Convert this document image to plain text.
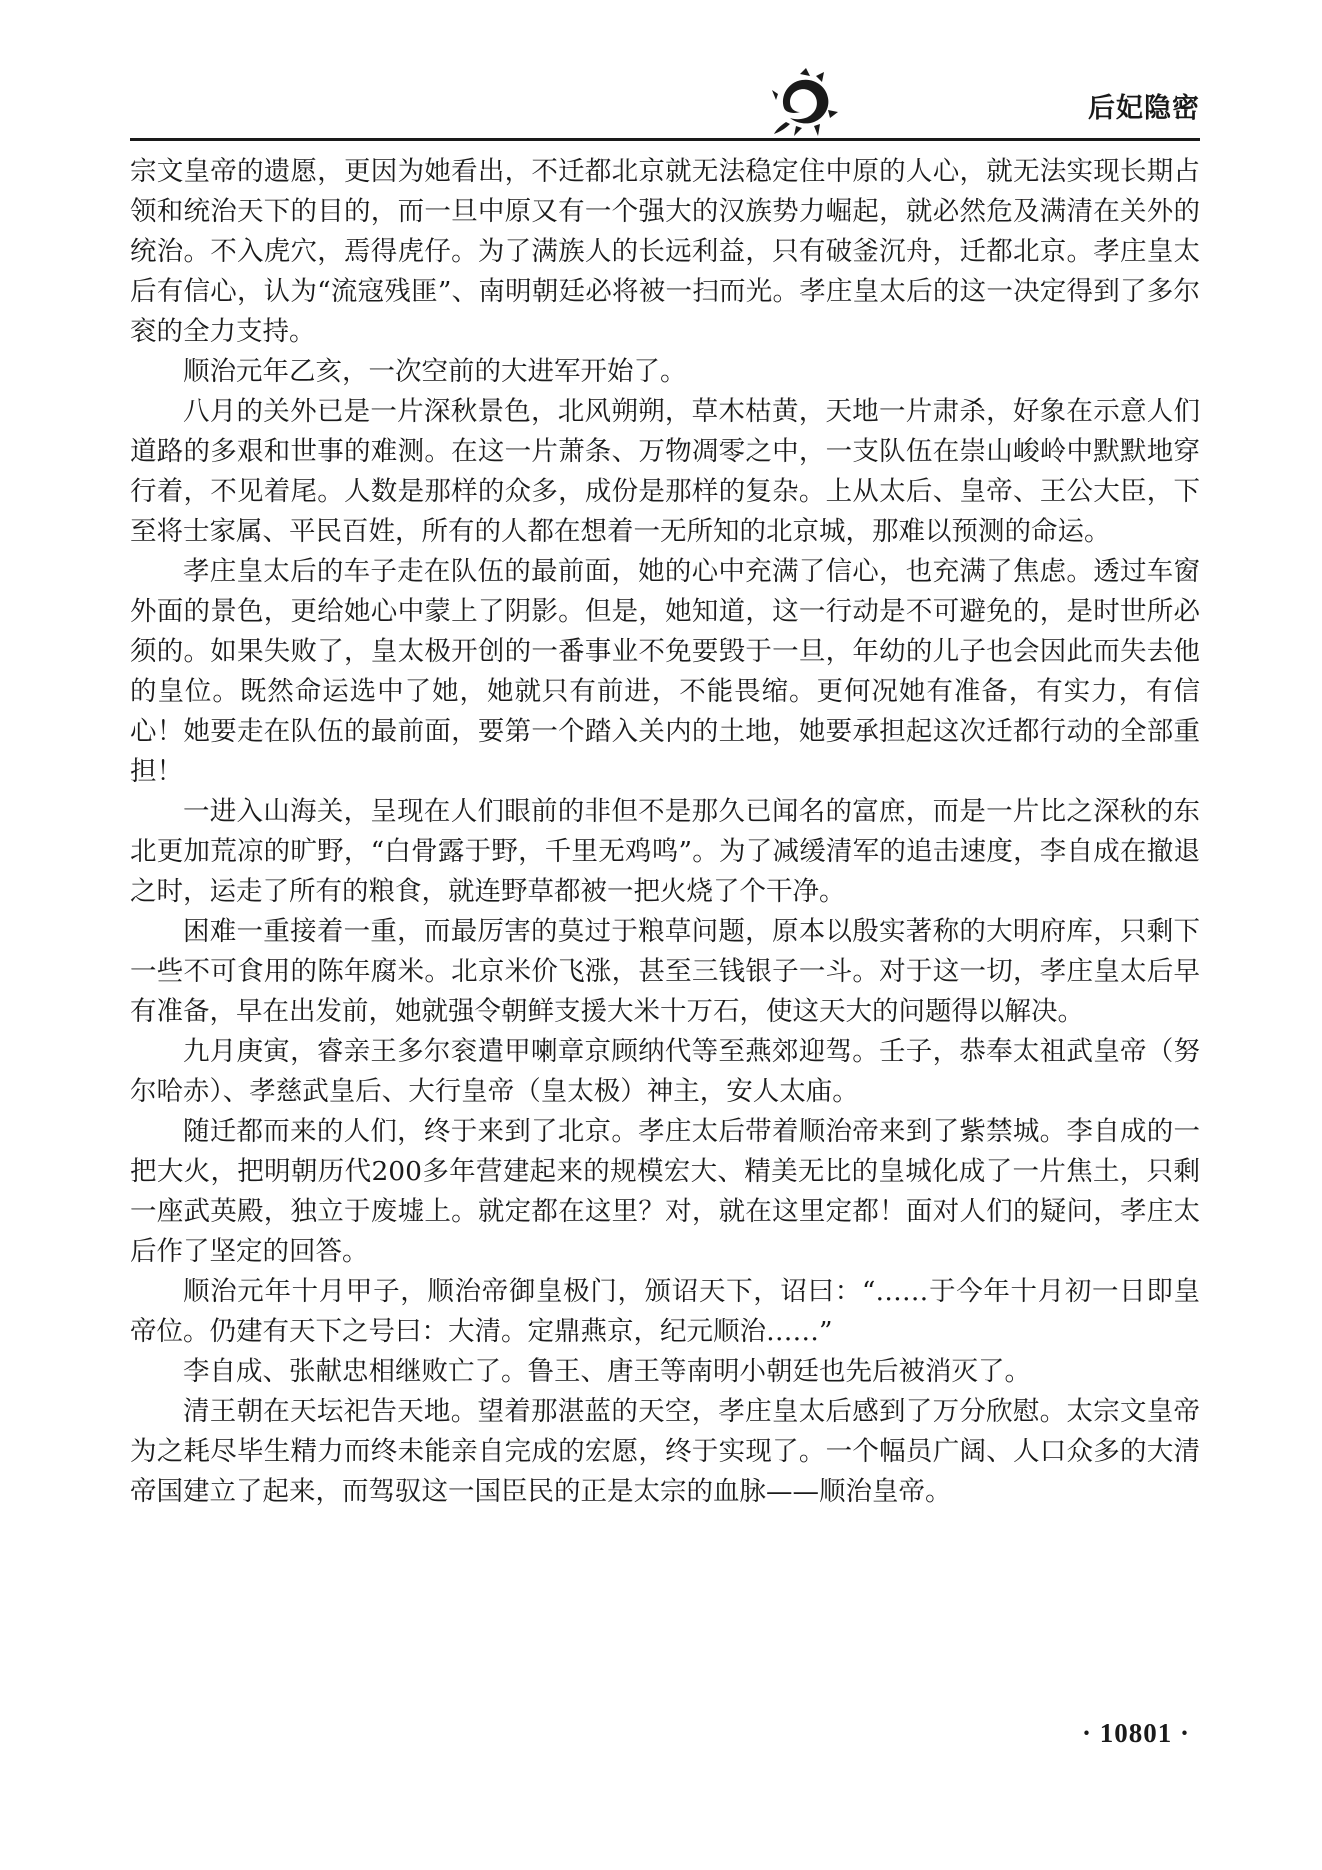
后妃隐密

宗文皇帝的遗愿，更因为她看出，不迁都北京就无法稳定住中原的人心，就无法实现长期占领和统治天下的目的，而一旦中原又有一个强大的汉族势力崛起，就必然危及满清在关外的统治。不入虎穴，焉得虎仔。为了满族人的长远利益，只有破釜沉舟，迁都北京。孝庄皇太后有信心，认为“流寇残匪”、南明朝廷必将被一扫而光。孝庄皇太后的这一决定得到了多尔衮的全力支持。

顺治元年乙亥，一次空前的大进军开始了。

八月的关外已是一片深秋景色，北风朔朔，草木枯黄，天地一片肃杀，好象在示意人们道路的多艰和世事的难测。在这一片萧条、万物凋零之中，一支队伍在崇山峻岭中默默地穿行着，不见着尾。人数是那样的众多，成份是那样的复杂。上从太后、皇帝、王公大臣，下至将士家属、平民百姓，所有的人都在想着一无所知的北京城，那难以预测的命运。

孝庄皇太后的车子走在队伍的最前面，她的心中充满了信心，也充满了焦虑。透过车窗外面的景色，更给她心中蒙上了阴影。但是，她知道，这一行动是不可避免的，是时世所必须的。如果失败了，皇太极开创的一番事业不免要毁于一旦，年幼的儿子也会因此而失去他的皇位。既然命运选中了她，她就只有前进，不能畏缩。更何况她有准备，有实力，有信心！她要走在队伍的最前面，要第一个踏入关内的土地，她要承担起这次迁都行动的全部重担！

一进入山海关，呈现在人们眼前的非但不是那久已闻名的富庶，而是一片比之深秋的东北更加荒凉的旷野，“白骨露于野，千里无鸡鸣”。为了减缓清军的追击速度，李自成在撤退之时，运走了所有的粮食，就连野草都被一把火烧了个干净。

困难一重接着一重，而最厉害的莫过于粮草问题，原本以殷实著称的大明府库，只剩下一些不可食用的陈年腐米。北京米价飞涨，甚至三钱银子一斗。对于这一切，孝庄皇太后早有准备，早在出发前，她就强令朝鲜支援大米十万石，使这天大的问题得以解决。

九月庚寅，睿亲王多尔衮遣甲喇章京顾纳代等至燕郊迎驾。壬子，恭奉太祖武皇帝（努尔哈赤）、孝慈武皇后、大行皇帝（皇太极）神主，安人太庙。

随迁都而来的人们，终于来到了北京。孝庄太后带着顺治帝来到了紫禁城。李自成的一把大火，把明朝历代200多年营建起来的规模宏大、精美无比的皇城化成了一片焦土，只剩一座武英殿，独立于废墟上。就定都在这里？对，就在这里定都！面对人们的疑问，孝庄太后作了坚定的回答。

顺治元年十月甲子，顺治帝御皇极门，颁诏天下，诏曰：“……于今年十月初一日即皇帝位。仍建有天下之号曰：大清。定鼎燕京，纪元顺治……”

李自成、张献忠相继败亡了。鲁王、唐王等南明小朝廷也先后被消灭了。

清王朝在天坛祀告天地。望着那湛蓝的天空，孝庄皇太后感到了万分欣慰。太宗文皇帝为之耗尽毕生精力而终未能亲自完成的宏愿，终于实现了。一个幅员广阔、人口众多的大清帝国建立了起来，而驾驭这一国臣民的正是太宗的血脉——顺治皇帝。

· 10801 ·
